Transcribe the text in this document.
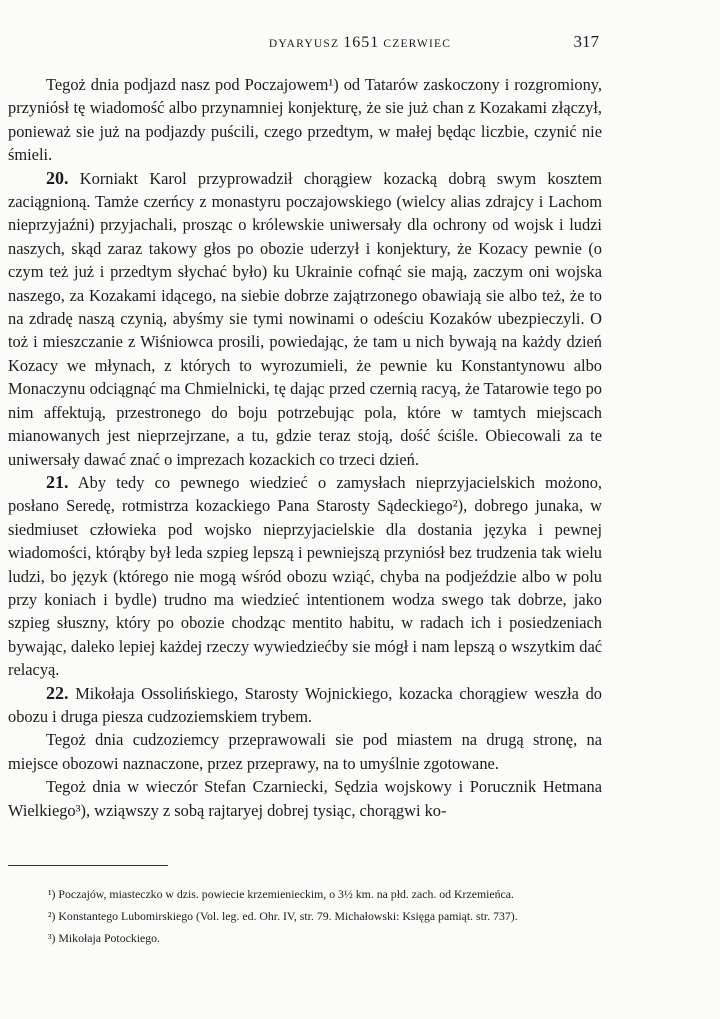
DYARYUSZ 1651 CZERWIEC	317

Tegoż dnia podjazd nasz pod Poczajowem¹) od Tatarów zaskoczony i rozgromiony, przyniósł tę wiadomość albo przynamniej konjekturę, że sie już chan z Kozakami złączył, ponieważ sie już na podjazdy puścili, czego przedtym, w małej będąc liczbie, czynić nie śmieli.

20. Korniakt Karol przyprowadził chorągiew kozacką dobrą swym kosztem zaciągnioną. Tamże czerńcy z monastyru poczajowskiego (wielcy alias zdrajcy i Lachom nieprzyjaźni) przyjachali, prosząc o królewskie uniwersały dla ochrony od wojsk i ludzi naszych, skąd zaraz takowy głos po obozie uderzył i konjektury, że Kozacy pewnie (o czym też już i przedtym słychać było) ku Ukrainie cofnąć sie mają, zaczym oni wojska naszego, za Kozakami idącego, na siebie dobrze zajątrzonego obawiają sie albo też, że to na zdradę naszą czynią, abyśmy sie tymi nowinami o odeściu Kozaków ubezpieczyli. O toż i mieszczanie z Wiśniowca prosili, powiedając, że tam u nich bywają na każdy dzień Kozacy we młynach, z których to wyrozumieli, że pewnie ku Konstantynowu albo Monaczynu odciągnąć ma Chmielnicki, tę dając przed czernią racyą, że Tatarowie tego po nim affektują, przestronego do boju potrzebując pola, które w tamtych miejscach mianowanych jest nieprzejrzane, a tu, gdzie teraz stoją, dość ściśle. Obiecowali za te uniwersały dawać znać o imprezach kozackich co trzeci dzień.

21. Aby tedy co pewnego wiedzieć o zamysłach nieprzyjacielskich możono, posłano Seredę, rotmistrza kozackiego Pana Starosty Sądeckiego²), dobrego junaka, w siedmiuset człowieka pod wojsko nieprzyjacielskie dla dostania języka i pewnej wiadomości, którąby był leda szpieg lepszą i pewniejszą przyniósł bez trudzenia tak wielu ludzi, bo język (którego nie mogą wśród obozu wziąć, chyba na podjeździe albo w polu przy koniach i bydle) trudno ma wiedzieć intentionem wodza swego tak dobrze, jako szpieg słuszny, który po obozie chodząc mentito habitu, w radach ich i posiedzeniach bywając, daleko lepiej każdej rzeczy wywiedziećby sie mógł i nam lepszą o wszytkim dać relacyą.

22. Mikołaja Ossolińskiego, Starosty Wojnickiego, kozacka chorągiew weszła do obozu i druga piesza cudzoziemskiem trybem.

Tegoż dnia cudzoziemcy przeprawowali sie pod miastem na drugą stronę, na miejsce obozowi naznaczone, przez przeprawy, na to umyślnie zgotowane.

Tegoż dnia w wieczór Stefan Czarniecki, Sędzia wojskowy i Porucznik Hetmana Wielkiego³), wziąwszy z sobą rajtaryej dobrej tysiąc, chorągwi ko-

¹) Poczajów, miasteczko w dzis. powiecie krzemienieckim, o 3½ km. na płd. zach. od Krzemieńca.

²) Konstantego Lubomirskiego (Vol. leg. ed. Ohr. IV, str. 79. Michałowski: Księga pamiąt. str. 737).

³) Mikołaja Potockiego.
